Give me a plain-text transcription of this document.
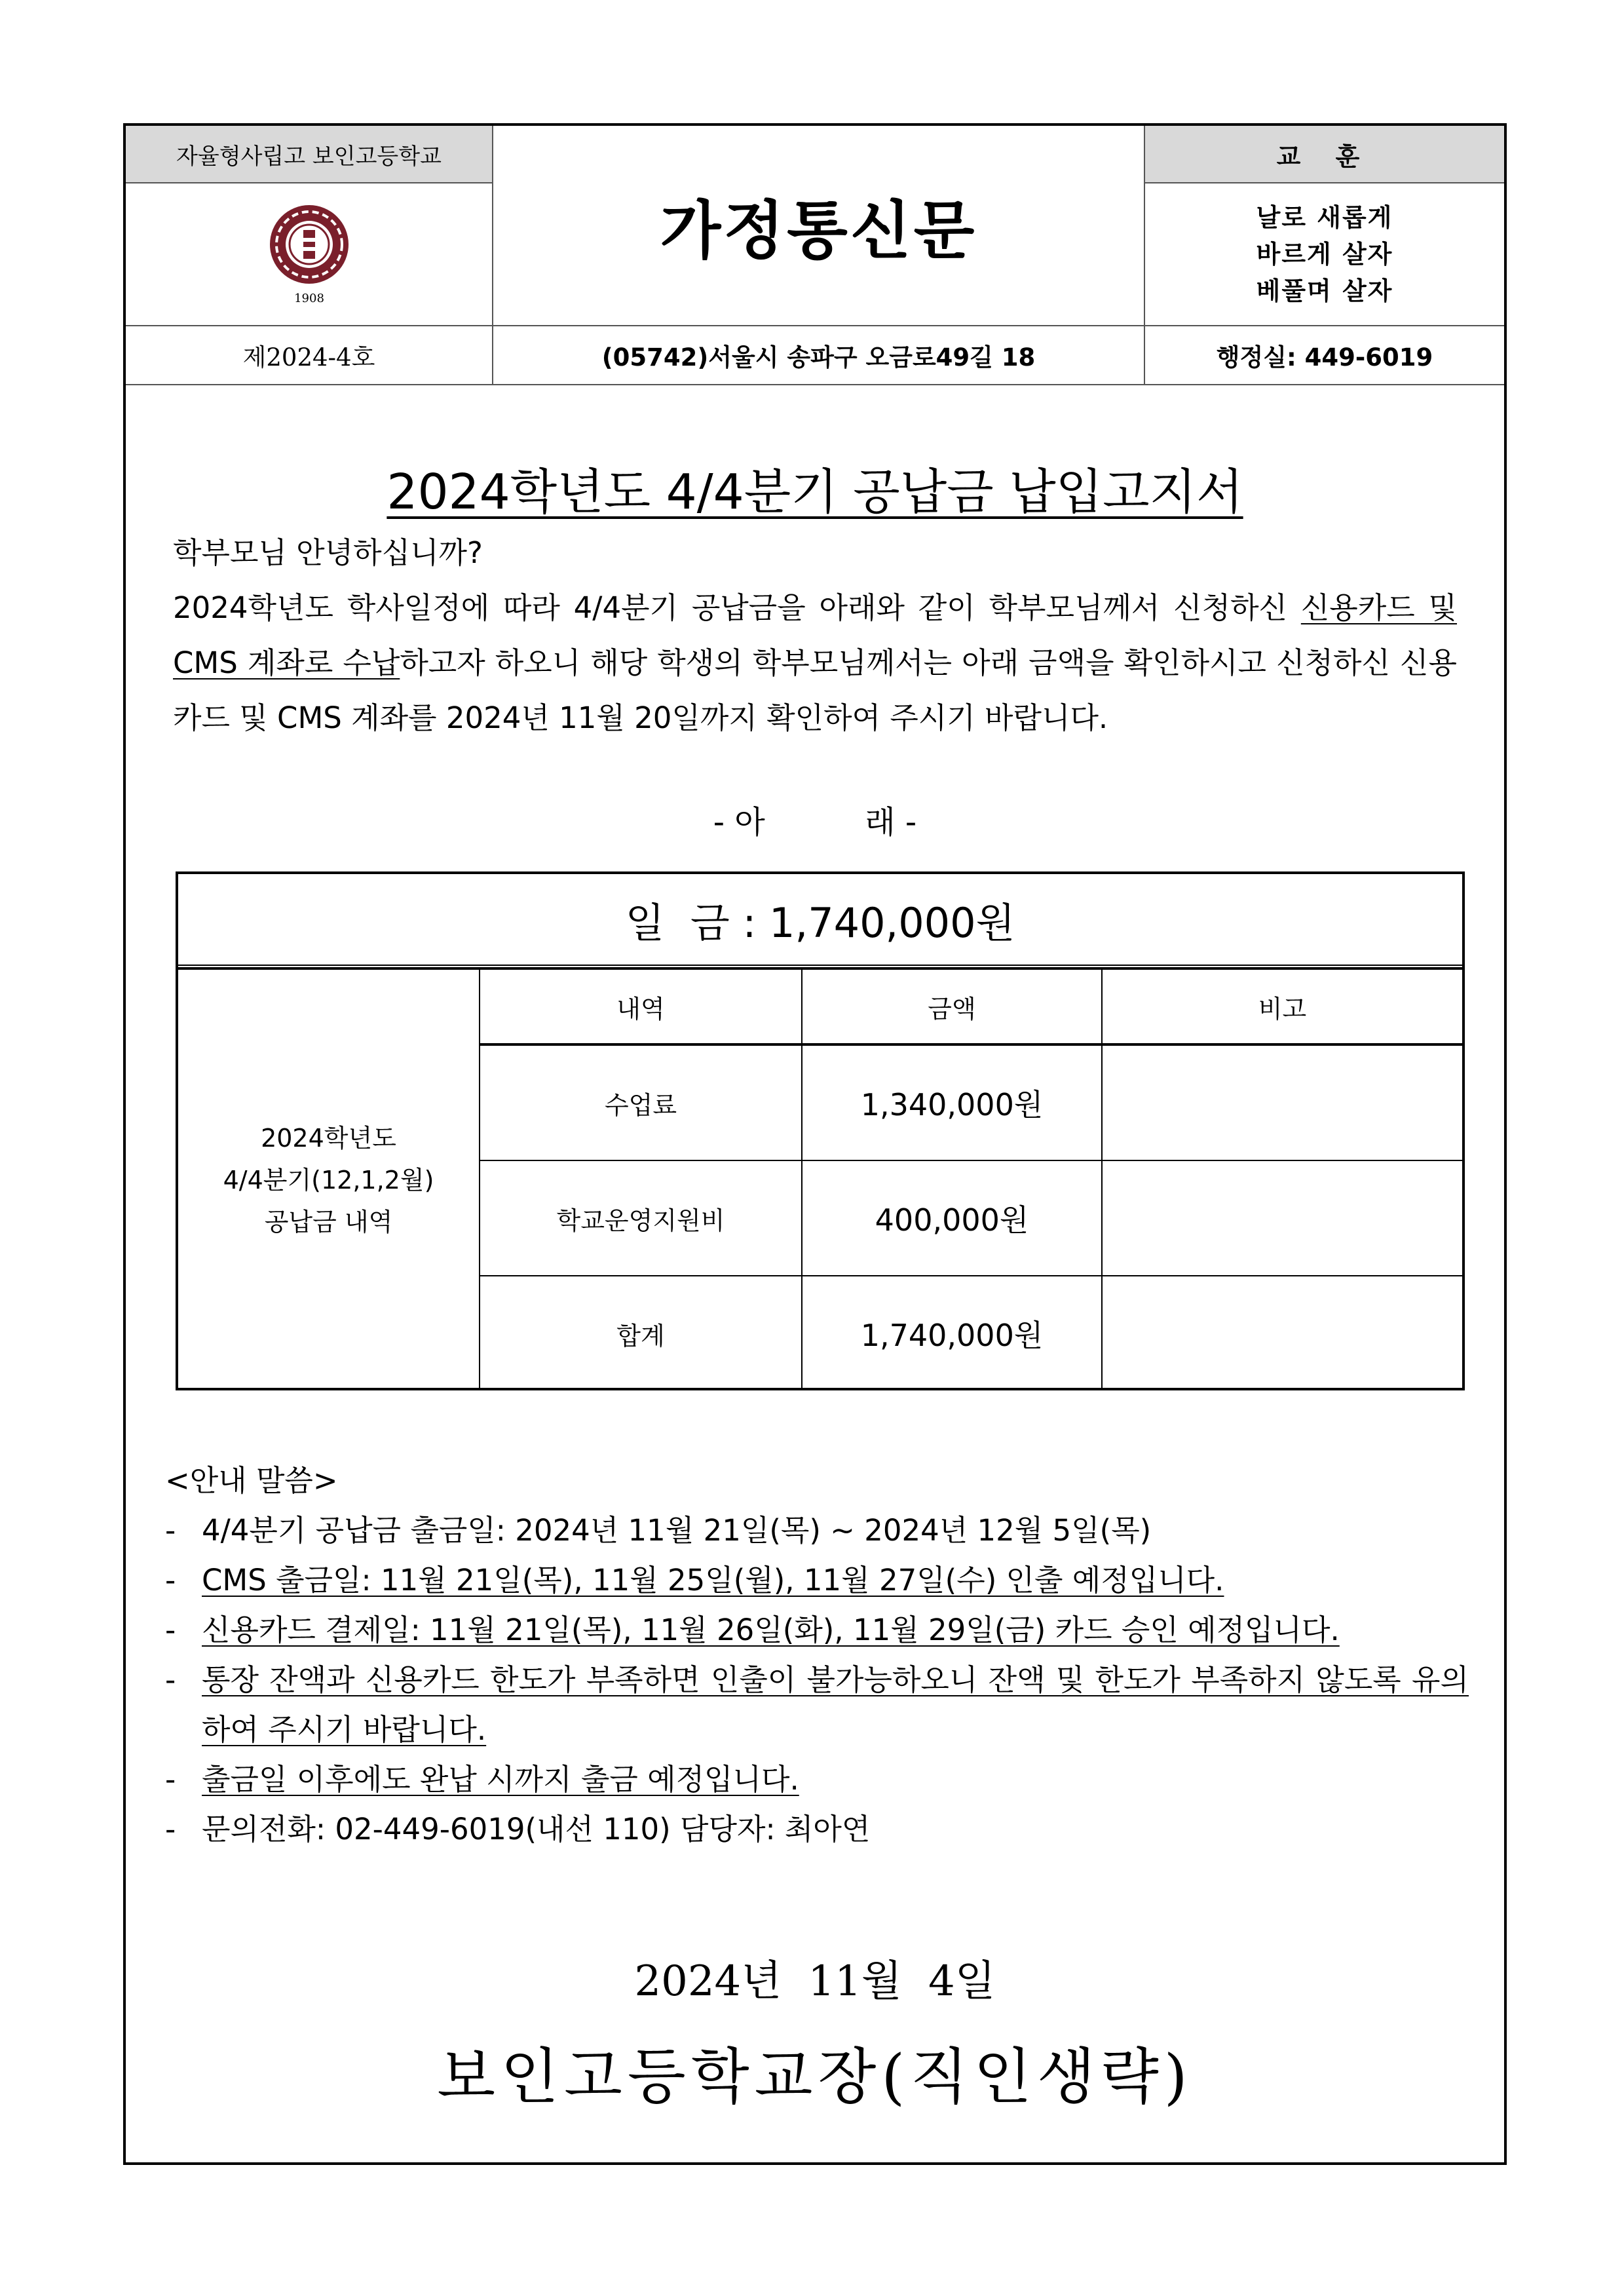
자율형사립고 보인고등학교	가정통신문	교 훈

1908		날로 새롭게
바르게 살자
베풀며 살자

제2024-4호	(05742)서울시 송파구 오금로49길 18	행정실: 449-6019
2024학년도 4/4분기 공납금 납입고지서
학부모님 안녕하십니까?
2024학년도 학사일정에 따라 4/4분기 공납금을 아래와 같이 학부모님께서 신청하신 신용카드 및 CMS 계좌로 수납하고자 하오니 해당 학생의 학부모님께서는 아래 금액을 확인하시고 신청하신 신용카드 및 CMS 계좌를 2024년 11월 20일까지 확인하여 주시기 바랍니다.
- 아          래 -
일  금 : 1,740,000원
2024학년도
4/4분기(12,1,2월)
공납금 내역	내역	금액	비고
	수업료	1,340,000원	
	학교운영지원비	400,000원	
	합계	1,740,000원	
<안내 말씀>
- 4/4분기 공납금 출금일: 2024년 11월 21일(목) ~ 2024년 12월 5일(목)
- CMS 출금일: 11월 21일(목), 11월 25일(월), 11월 27일(수) 인출 예정입니다.
- 신용카드 결제일: 11월 21일(목), 11월 26일(화), 11월 29일(금) 카드 승인 예정입니다.
- 통장 잔액과 신용카드 한도가 부족하면 인출이 불가능하오니 잔액 및 한도가 부족하지 않도록 유의하여 주시기 바랍니다.
- 출금일 이후에도 완납 시까지 출금 예정입니다.
- 문의전화: 02-449-6019(내선 110) 담당자: 최아연
2024년 11월 4일
보인고등학교장(직인생략)
